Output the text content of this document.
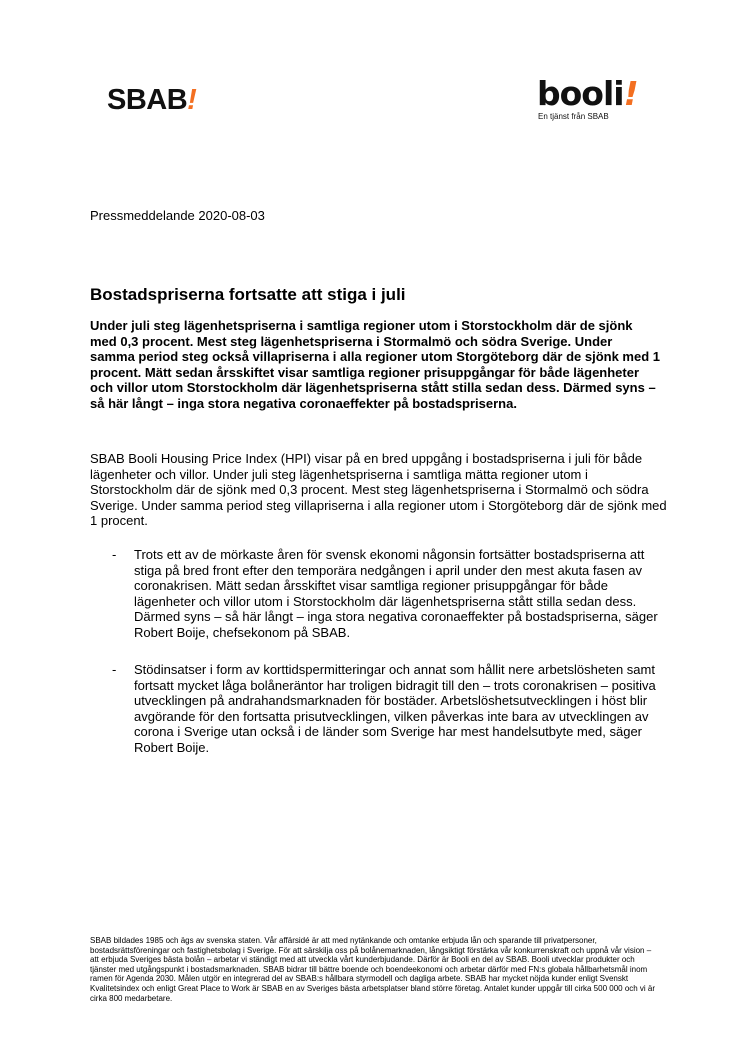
SBAB!	booli!
En tjänst från SBAB
Pressmeddelande 2020-08-03
Bostadspriserna fortsatte att stiga i juli

Under juli steg lägenhetspriserna i samtliga regioner utom i Storstockholm där de sjönk med 0,3 procent. Mest steg lägenhetspriserna i Stormalmö och södra Sverige. Under samma period steg också villapriserna i alla regioner utom Storgöteborg där de sjönk med 1 procent. Mätt sedan årsskiftet visar samtliga regioner prisuppgångar för både lägenheter och villor utom Storstockholm där lägenhetspriserna stått stilla sedan dess. Därmed syns – så här långt – inga stora negativa coronaeffekter på bostadspriserna.

SBAB Booli Housing Price Index (HPI) visar på en bred uppgång i bostadspriserna i juli för både lägenheter och villor. Under juli steg lägenhetspriserna i samtliga mätta regioner utom i Storstockholm där de sjönk med 0,3 procent. Mest steg lägenhetspriserna i Stormalmö och södra Sverige. Under samma period steg villapriserna i alla regioner utom i Storgöteborg där de sjönk med 1 procent.

- Trots ett av de mörkaste åren för svensk ekonomi någonsin fortsätter bostadspriserna att stiga på bred front efter den temporära nedgången i april under den mest akuta fasen av coronakrisen. Mätt sedan årsskiftet visar samtliga regioner prisuppgångar för både lägenheter och villor utom i Storstockholm där lägenhetspriserna stått stilla sedan dess. Därmed syns – så här långt – inga stora negativa coronaeffekter på bostadspriserna, säger Robert Boije, chefsekonom på SBAB.
- Stödinsatser i form av korttidspermitteringar och annat som hållit nere arbetslösheten samt fortsatt mycket låga bolåneräntor har troligen bidragit till den – trots coronakrisen – positiva utvecklingen på andrahandsmarknaden för bostäder. Arbetslöshetsutvecklingen i höst blir avgörande för den fortsatta prisutvecklingen, vilken påverkas inte bara av utvecklingen av corona i Sverige utan också i de länder som Sverige har mest handelsutbyte med, säger Robert Boije.

SBAB bildades 1985 och ägs av svenska staten. Vår affärsidé är att med nytänkande och omtanke erbjuda lån och sparande till privatpersoner, bostadsrättsföreningar och fastighetsbolag i Sverige. För att särskilja oss på bolånemarknaden, långsiktigt förstärka vår konkurrenskraft och uppnå vår vision – att erbjuda Sveriges bästa bolån – arbetar vi ständigt med att utveckla vårt kunderbjudande. Därför är Booli en del av SBAB. Booli utvecklar produkter och tjänster med utgångspunkt i bostadsmarknaden. SBAB bidrar till bättre boende och boendeekonomi och arbetar därför med FN:s globala hållbarhetsmål inom ramen för Agenda 2030. Målen utgör en integrerad del av SBAB:s hållbara styrmodell och dagliga arbete. SBAB har mycket nöjda kunder enligt Svenskt Kvalitetsindex och enligt Great Place to Work är SBAB en av Sveriges bästa arbetsplatser bland större företag. Antalet kunder uppgår till cirka 500 000 och vi är cirka 800 medarbetare.
